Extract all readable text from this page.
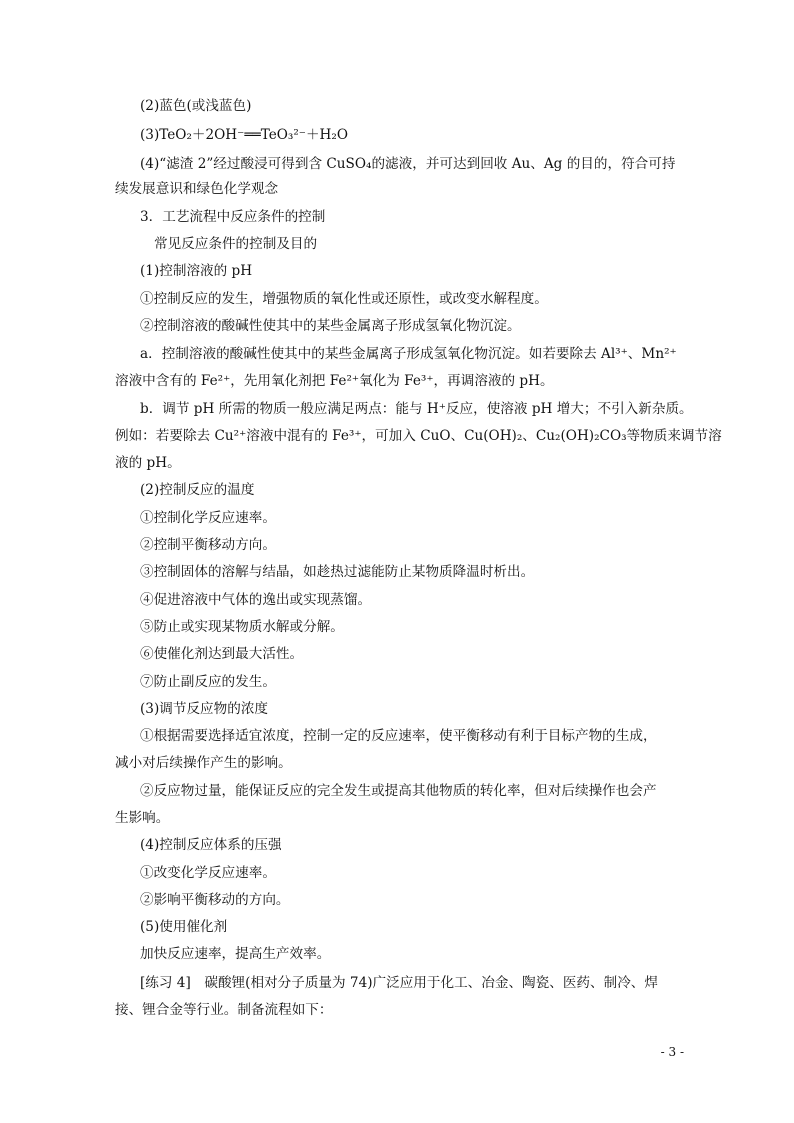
(2)蓝色(或浅蓝色)
(3)TeO₂＋2OH⁻══TeO₃²⁻＋H₂O
(4)“滤渣 2”经过酸浸可得到含 CuSO₄的滤液，并可达到回收 Au、Ag 的目的，符合可持
续发展意识和绿色化学观念
3．工艺流程中反应条件的控制
常见反应条件的控制及目的
(1)控制溶液的 pH
①控制反应的发生，增强物质的氧化性或还原性，或改变水解程度。
②控制溶液的酸碱性使其中的某些金属离子形成氢氧化物沉淀。
a．控制溶液的酸碱性使其中的某些金属离子形成氢氧化物沉淀。如若要除去 Al³⁺、Mn²⁺
溶液中含有的 Fe²⁺，先用氧化剂把 Fe²⁺氧化为 Fe³⁺，再调溶液的 pH。
b．调节 pH 所需的物质一般应满足两点：能与 H⁺反应，使溶液 pH 增大；不引入新杂质。
例如：若要除去 Cu²⁺溶液中混有的 Fe³⁺，可加入 CuO、Cu(OH)₂、Cu₂(OH)₂CO₃等物质来调节溶
液的 pH。
(2)控制反应的温度
①控制化学反应速率。
②控制平衡移动方向。
③控制固体的溶解与结晶，如趁热过滤能防止某物质降温时析出。
④促进溶液中气体的逸出或实现蒸馏。
⑤防止或实现某物质水解或分解。
⑥使催化剂达到最大活性。
⑦防止副反应的发生。
(3)调节反应物的浓度
①根据需要选择适宜浓度，控制一定的反应速率，使平衡移动有利于目标产物的生成，
减小对后续操作产生的影响。
②反应物过量，能保证反应的完全发生或提高其他物质的转化率，但对后续操作也会产
生影响。
(4)控制反应体系的压强
①改变化学反应速率。
②影响平衡移动的方向。
(5)使用催化剂
加快反应速率，提高生产效率。
[练习 4]　碳酸锂(相对分子质量为 74)广泛应用于化工、冶金、陶瓷、医药、制冷、焊
接、锂合金等行业。制备流程如下：
- 3 -
